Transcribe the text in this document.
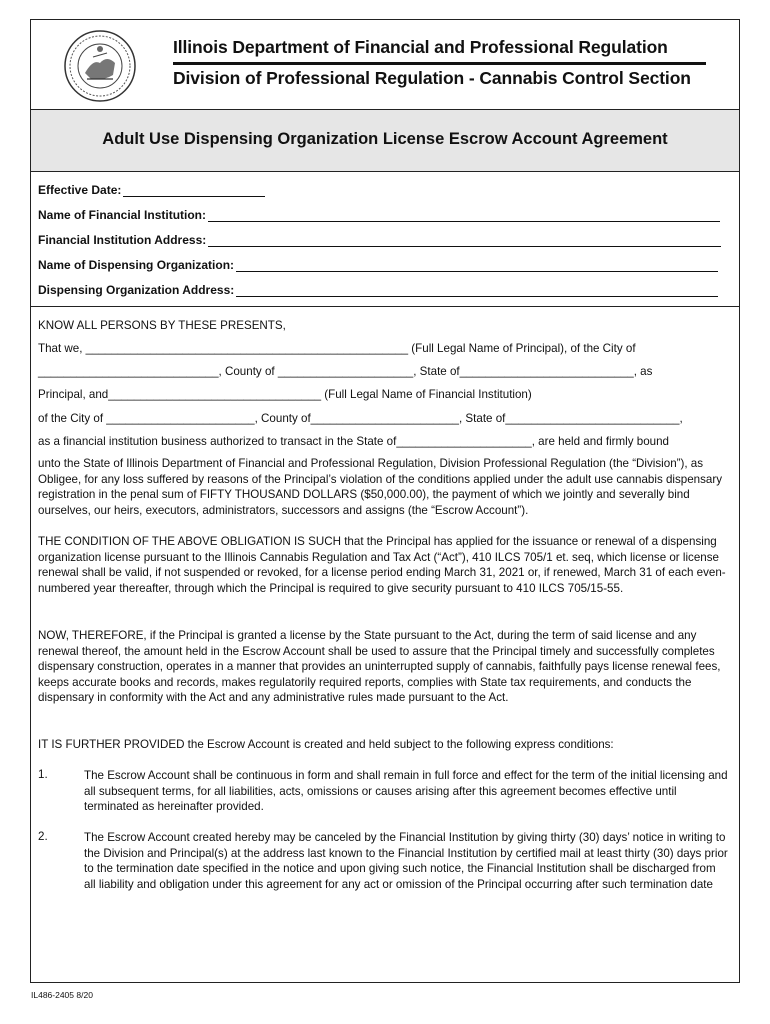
Illinois Department of Financial and Professional Regulation
Division of Professional Regulation - Cannabis Control Section
Adult Use Dispensing Organization License Escrow Account Agreement
Effective Date:
Name of Financial Institution:
Financial Institution Address:
Name of Dispensing Organization:
Dispensing Organization Address:
KNOW ALL PERSONS BY THESE PRESENTS,
That we, __________________________________________________ (Full Legal Name of Principal), of the City of
____________________________, County of _____________________, State of___________________________, as
Principal, and_________________________________ (Full Legal Name of Financial Institution)
of the City of _______________________, County of_______________________, State of___________________________,
as a financial institution business authorized to transact in the State of_____________________, are held and firmly bound
unto the State of Illinois Department of Financial and Professional Regulation, Division Professional Regulation (the “Division”), as Obligee, for any loss suffered by reasons of the Principal’s violation of the conditions applied under the adult use cannabis dispensary registration in the penal sum of FIFTY THOUSAND DOLLARS ($50,000.00), the payment of which we jointly and severally bind ourselves, our heirs, executors, administrators, successors and assigns (the “Escrow Account”).
THE CONDITION OF THE ABOVE OBLIGATION IS SUCH that the Principal has applied for the issuance or renewal of a dispensing organization license pursuant to the Illinois Cannabis Regulation and Tax Act (“Act”), 410 ILCS 705/1 et. seq, which license or license renewal shall be valid, if not suspended or revoked, for a license period ending March 31, 2021 or, if renewed, March 31 of each even-numbered year thereafter, through which the Principal is required to give security pursuant to 410 ILCS 705/15-55.
NOW, THEREFORE, if the Principal is granted a license by the State pursuant to the Act, during the term of said license and any renewal thereof, the amount held in the Escrow Account shall be used to assure that the Principal timely and successfully completes dispensary construction, operates in a manner that provides an uninterrupted supply of cannabis, faithfully pays license renewal fees, keeps accurate books and records, makes regulatorily required reports, complies with State tax requirements, and conducts the dispensary in conformity with the Act and any administrative rules made pursuant to the Act.
IT IS FURTHER PROVIDED the Escrow Account is created and held subject to the following express conditions:
1.	The Escrow Account shall be continuous in form and shall remain in full force and effect for the term of the initial licensing and all subsequent terms, for all liabilities, acts, omissions or causes arising after this agreement becomes effective until terminated as hereinafter provided.
2.	The Escrow Account created hereby may be canceled by the Financial Institution by giving thirty (30) days’ notice in writing to the Division and Principal(s) at the address last known to the Financial Institution by certified mail at least thirty (30) days prior to the termination date specified in the notice and upon giving such notice, the Financial Institution shall be discharged from all liability and obligation under this agreement for any act or omission of the Principal occurring after such termination date
IL486-2405 8/20
